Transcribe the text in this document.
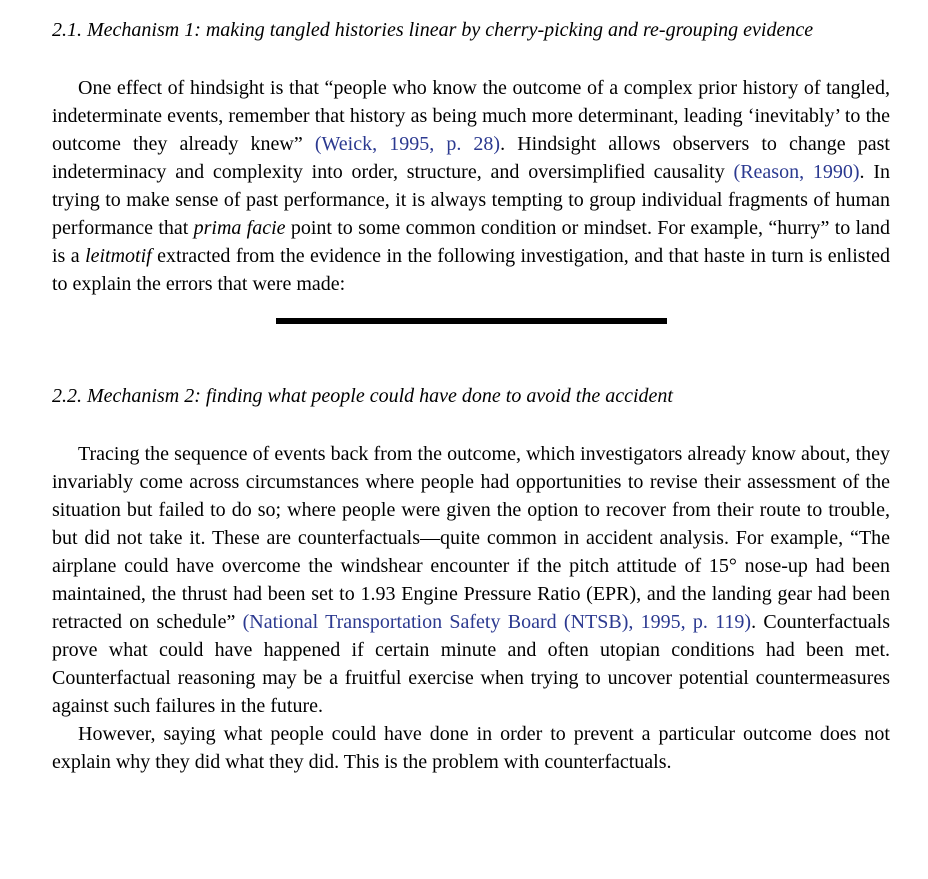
2.1. Mechanism 1: making tangled histories linear by cherry-picking and re-grouping evidence

One effect of hindsight is that “people who know the outcome of a complex prior history of tangled, indeterminate events, remember that history as being much more determinant, leading ‘inevitably’ to the outcome they already knew” (Weick, 1995, p. 28). Hindsight allows observers to change past indeterminacy and complexity into order, structure, and oversimplified causality (Reason, 1990). In trying to make sense of past performance, it is always tempting to group individual fragments of human performance that prima facie point to some common condition or mindset. For example, “hurry” to land is a leitmotif extracted from the evidence in the following investigation, and that haste in turn is enlisted to explain the errors that were made:

2.2. Mechanism 2: finding what people could have done to avoid the accident

Tracing the sequence of events back from the outcome, which investigators already know about, they invariably come across circumstances where people had opportunities to revise their assessment of the situation but failed to do so; where people were given the option to recover from their route to trouble, but did not take it. These are counterfactuals—quite common in accident analysis. For example, “The airplane could have overcome the windshear encounter if the pitch attitude of 15° nose-up had been maintained, the thrust had been set to 1.93 Engine Pressure Ratio (EPR), and the landing gear had been retracted on schedule” (National Transportation Safety Board (NTSB), 1995, p. 119). Counterfactuals prove what could have happened if certain minute and often utopian conditions had been met. Counterfactual reasoning may be a fruitful exercise when trying to uncover potential countermeasures against such failures in the future.

However, saying what people could have done in order to prevent a particular outcome does not explain why they did what they did. This is the problem with counterfactuals.
